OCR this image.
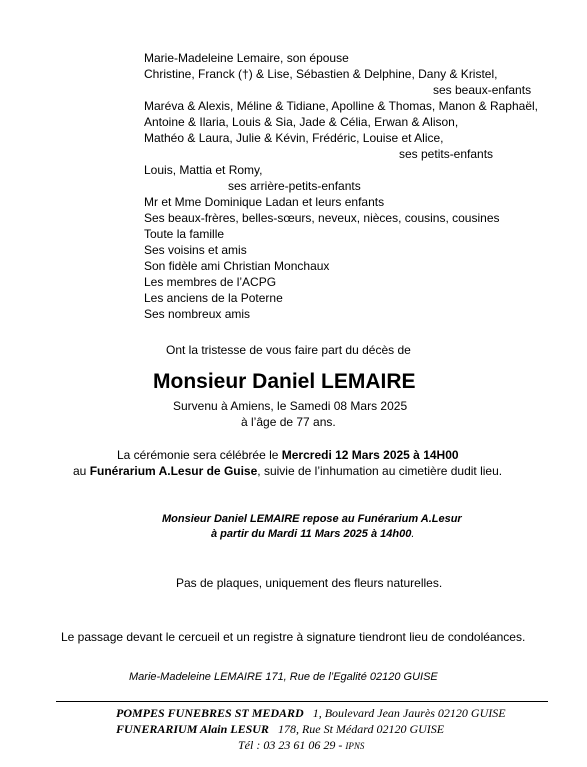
Marie-Madeleine Lemaire, son épouse
Christine, Franck (†) & Lise, Sébastien & Delphine, Dany & Kristel,
ses beaux-enfants
Maréva & Alexis, Méline & Tidiane, Apolline & Thomas, Manon & Raphaël,
Antoine & Ilaria, Louis & Sia, Jade & Célia, Erwan & Alison,
Mathéo & Laura, Julie & Kévin, Frédéric, Louise et Alice,
ses petits-enfants
Louis, Mattia et Romy,
ses arrière-petits-enfants
Mr et Mme Dominique Ladan et leurs enfants
Ses beaux-frères, belles-sœurs, neveux, nièces, cousins, cousines
Toute la famille
Ses voisins et amis
Son fidèle ami Christian Monchaux
Les membres de l’ACPG
Les anciens de la Poterne
Ses nombreux amis
Ont la tristesse de vous faire part du décès de
Monsieur Daniel LEMAIRE
Survenu à Amiens, le Samedi 08 Mars 2025
à l’âge de 77 ans.
La cérémonie sera célébrée le Mercredi 12 Mars 2025 à 14H00
au Funérarium A.Lesur de Guise, suivie de l’inhumation au cimetière dudit lieu.
Monsieur Daniel LEMAIRE repose au Funérarium A.Lesur
à partir du Mardi 11 Mars 2025 à 14h00.
Pas de plaques, uniquement des fleurs naturelles.
Le passage devant le cercueil et un registre à signature tiendront lieu de condoléances.
Marie-Madeleine LEMAIRE 171, Rue de l’Egalité 02120 GUISE
POMPES FUNEBRES ST MEDARD   1, Boulevard Jean Jaurès 02120 GUISE
FUNERARIUM Alain LESUR   178, Rue St Médard 02120 GUISE
Tél : 03 23 61 06 29 - IPNS
